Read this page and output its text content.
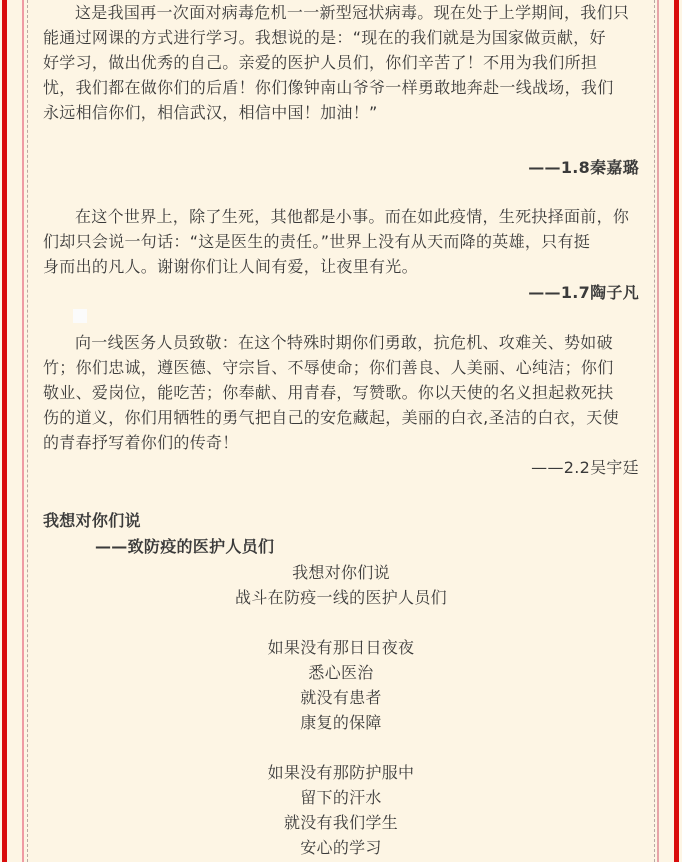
这是我国再一次面对病毒危机一一新型冠状病毒。现在处于上学期间，我们只
能通过网课的方式进行学习。我想说的是：“现在的我们就是为国家做贡献，好
好学习，做出优秀的自己。亲爱的医护人员们，你们辛苦了！不用为我们所担
忧，我们都在做你们的后盾！你们像钟南山爷爷一样勇敢地奔赴一线战场，我们
永远相信你们，相信武汉，相信中国！加油！”

——1.8秦嘉璐

在这个世界上，除了生死，其他都是小事。而在如此疫情，生死抉择面前，你
们却只会说一句话：“这是医生的责任。”世界上没有从天而降的英雄，只有挺
身而出的凡人。谢谢你们让人间有爱，让夜里有光。

——1.7陶子凡

向一线医务人员致敬：在这个特殊时期你们勇敢，抗危机、攻难关、势如破
竹；你们忠诚，遵医德、守宗旨、不辱使命；你们善良、人美丽、心纯洁；你们
敬业、爱岗位，能吃苦；你奉献、用青春，写赞歌。你以天使的名义担起救死扶
伤的道义，你们用牺牲的勇气把自己的安危藏起，美丽的白衣,圣洁的白衣，天使
的青春抒写着你们的传奇！

——2.2吴宇廷

我想对你们说

——致防疫的医护人员们

我想对你们说

战斗在防疫一线的医护人员们

如果没有那日日夜夜

悉心医治

就没有患者

康复的保障

如果没有那防护服中

留下的汗水

就没有我们学生

安心的学习
